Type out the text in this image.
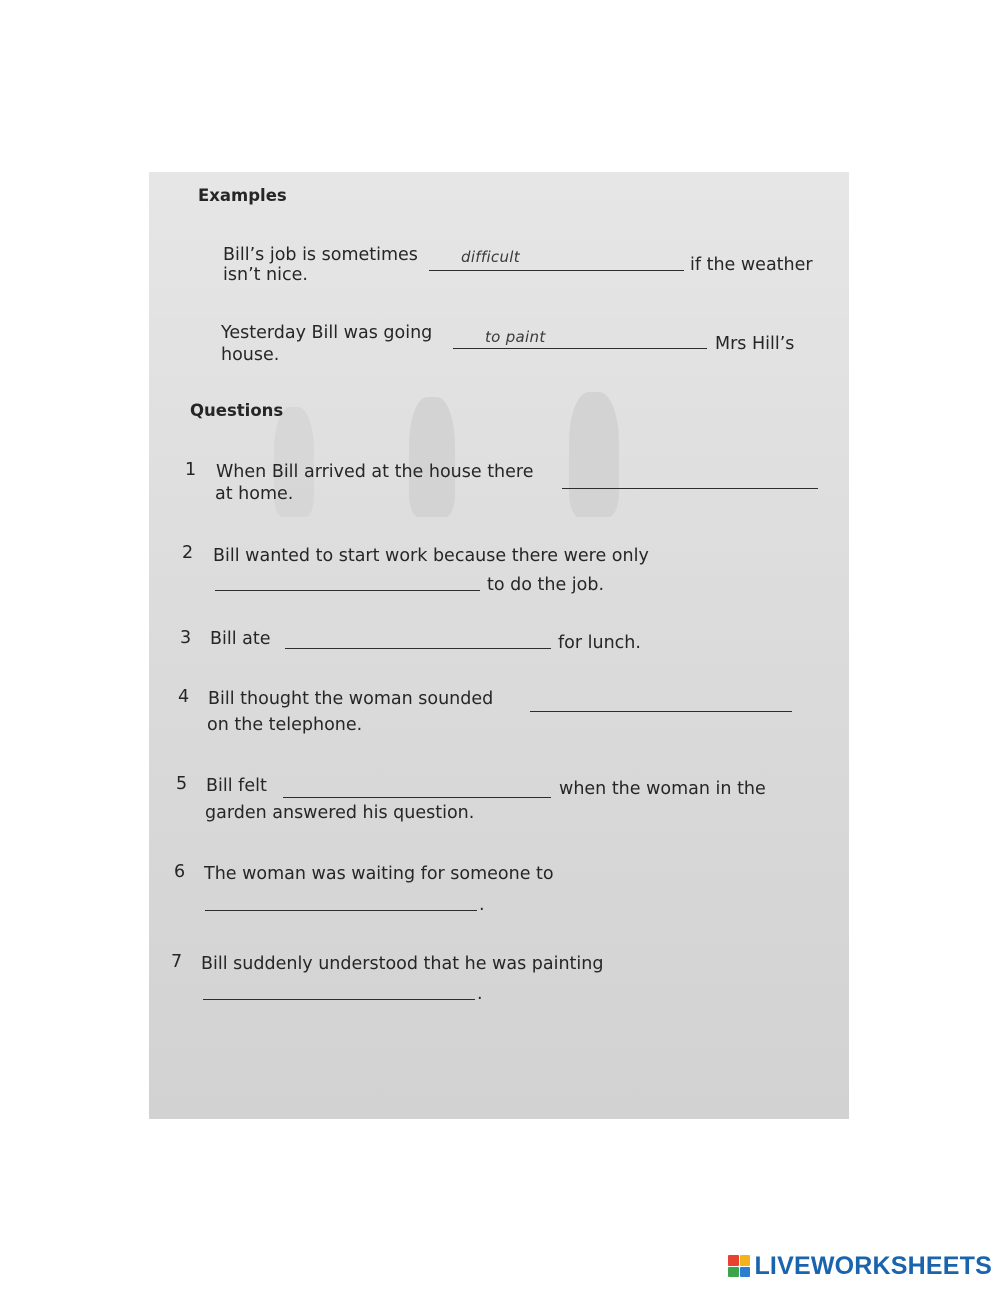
Examples
Bill’s job is sometimes	difficult	if the weather
isn’t nice.
Yesterday Bill was going	to paint	Mrs Hill’s
house.
Questions
1 When Bill arrived at the house there
at home.
2 Bill wanted to start work because there were only
to do the job.
3 Bill ate	for lunch.
4 Bill thought the woman sounded
on the telephone.
5 Bill felt	when the woman in the
garden answered his question.
6 The woman was waiting for someone to
.
7 Bill suddenly understood that he was painting
.
LIVEWORKSHEETS
